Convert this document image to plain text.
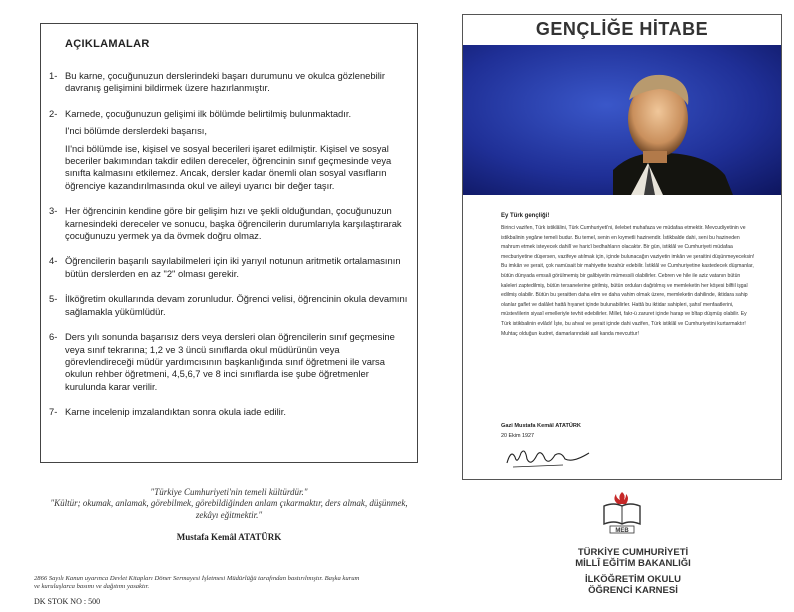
AÇIKLAMALAR
1- Bu karne, çocuğunuzun derslerindeki başarı durumunu ve okulca gözlenebilir davranış gelişimini bildirmek üzere hazırlanmıştır.

2- Karnede, çocuğunuzun gelişimi ilk bölümde belirtilmiş bulunmaktadır.

I'nci bölümde derslerdeki başarısı,

II'nci bölümde ise, kişisel ve sosyal becerileri işaret edilmiştir. Kişisel ve sosyal beceriler bakımından takdir edilen dereceler, öğrencinin sınıf geçmesinde veya sınıfta kalmasını etkilemez. Ancak, dersler kadar önemli olan sosyal vasıfların öğrenciye kazandırılmasında okul ve aileyi uyarıcı bir değer taşır.

3- Her öğrencinin kendine göre bir gelişim hızı ve şekli olduğundan, çocuğunuzun karnesindeki dereceler ve sonucu, başka öğrencilerin durumlarıyla karşılaştırarak çocuğunuzu yermek ya da övmek doğru olmaz.

4- Öğrencilerin başarılı sayılabilmeleri için iki yarıyıl notunun aritmetik ortalamasının bütün derslerden en az "2" olması gerekir.

5- İlköğretim okullarında devam zorunludur. Öğrenci velisi, öğrencinin okula devamını sağlamakla yükümlüdür.

6- Ders yılı sonunda başarısız ders veya dersleri olan öğrencilerin sınıf geçmesine veya sınıf tekrarına; 1,2 ve 3 üncü sınıflarda okul müdürünün veya görevlendireceği müdür yardımcısının başkanlığında sınıf öğretmeni ile varsa okulun rehber öğretmeni, 4,5,6,7 ve 8 inci sınıflarda ise şube öğretmenler kurulunda karar verilir.

7- Karne incelenip imzalandıktan sonra okula iade edilir.

"Türkiye Cumhuriyeti'nin temeli kültürdür."
"Kültür; okumak, anlamak, görebilmek, görebildiğinden anlam çıkarmaktır, ders almak, düşünmek, zekâyı eğitmektir."
Mustafa Kemâl ATATÜRK
2866 Sayılı Kanun uyarınca Devlet Kitapları Döner Sermayesi İşletmesi Müdürlüğü tarafından bastırılmıştır. Başka kurum ve kuruluşlarca basımı ve dağıtımı yasaktır.
DK STOK NO : 500
GENÇLİĞE HİTABE
Ey Türk gençliği!
Birinci vazifen, Türk istiklâlini, Türk Cumhuriyeti'ni, ilelebet muhafaza ve müdafaa etmektir. Mevcudiyetinin ve istikbalinin yegâne temeli budur. Bu temel, senin en kıymetli hazinendir. İstikbalde dahi, seni bu hazineden mahrum etmek isteyecek dahilî ve haricî bedhahların olacaktır. Bir gün, istiklâl ve Cumhuriyeti müdafaa mecburiyetine düşersen, vazifeye atılmak için, içinde bulunacağın vaziyetin imkân ve şeraitini düşünmeyeceksin! Bu imkân ve şerait, çok namüsait bir mahiyette tezahür edebilir. İstiklâl ve Cumhuriyetine kastedecek düşmanlar, bütün dünyada emsali görülmemiş bir galibiyetin mümessili olabilirler. Cebren ve hile ile aziz vatanın bütün kaleleri zaptedilmiş, bütün tersanelerine girilmiş, bütün orduları dağıtılmış ve memleketin her köşesi bilfiil işgal edilmiş olabilir. Bütün bu şeraitten daha elim ve daha vahim olmak üzere, memleketin dahilinde, iktidara sahip olanlar gaflet ve dalâlet hattâ hıyanet içinde bulunabilirler. Hattâ bu iktidar sahipleri, şahsî menfaatlerini, müstevlilerin siyasî emelleriyle tevhit edebilirler. Millet, fakr-ü zaruret içinde harap ve bîtap düşmüş olabilir. Ey Türk istikbalinin evlâdı! İşte, bu ahval ve şerait içinde dahi vazifen, Türk istiklâl ve Cumhuriyetini kurtarmaktır! Muhtaç olduğun kudret, damarlarındaki asil kanda mevcuttur!
Gazi Mustafa Kemâl ATATÜRK
20 Ekim 1927
MEB
TÜRKİYE CUMHURİYETİ
MİLLÎ EĞİTİM BAKANLIĞI
İLKÖĞRETİM OKULU
ÖĞRENCİ KARNESİ
